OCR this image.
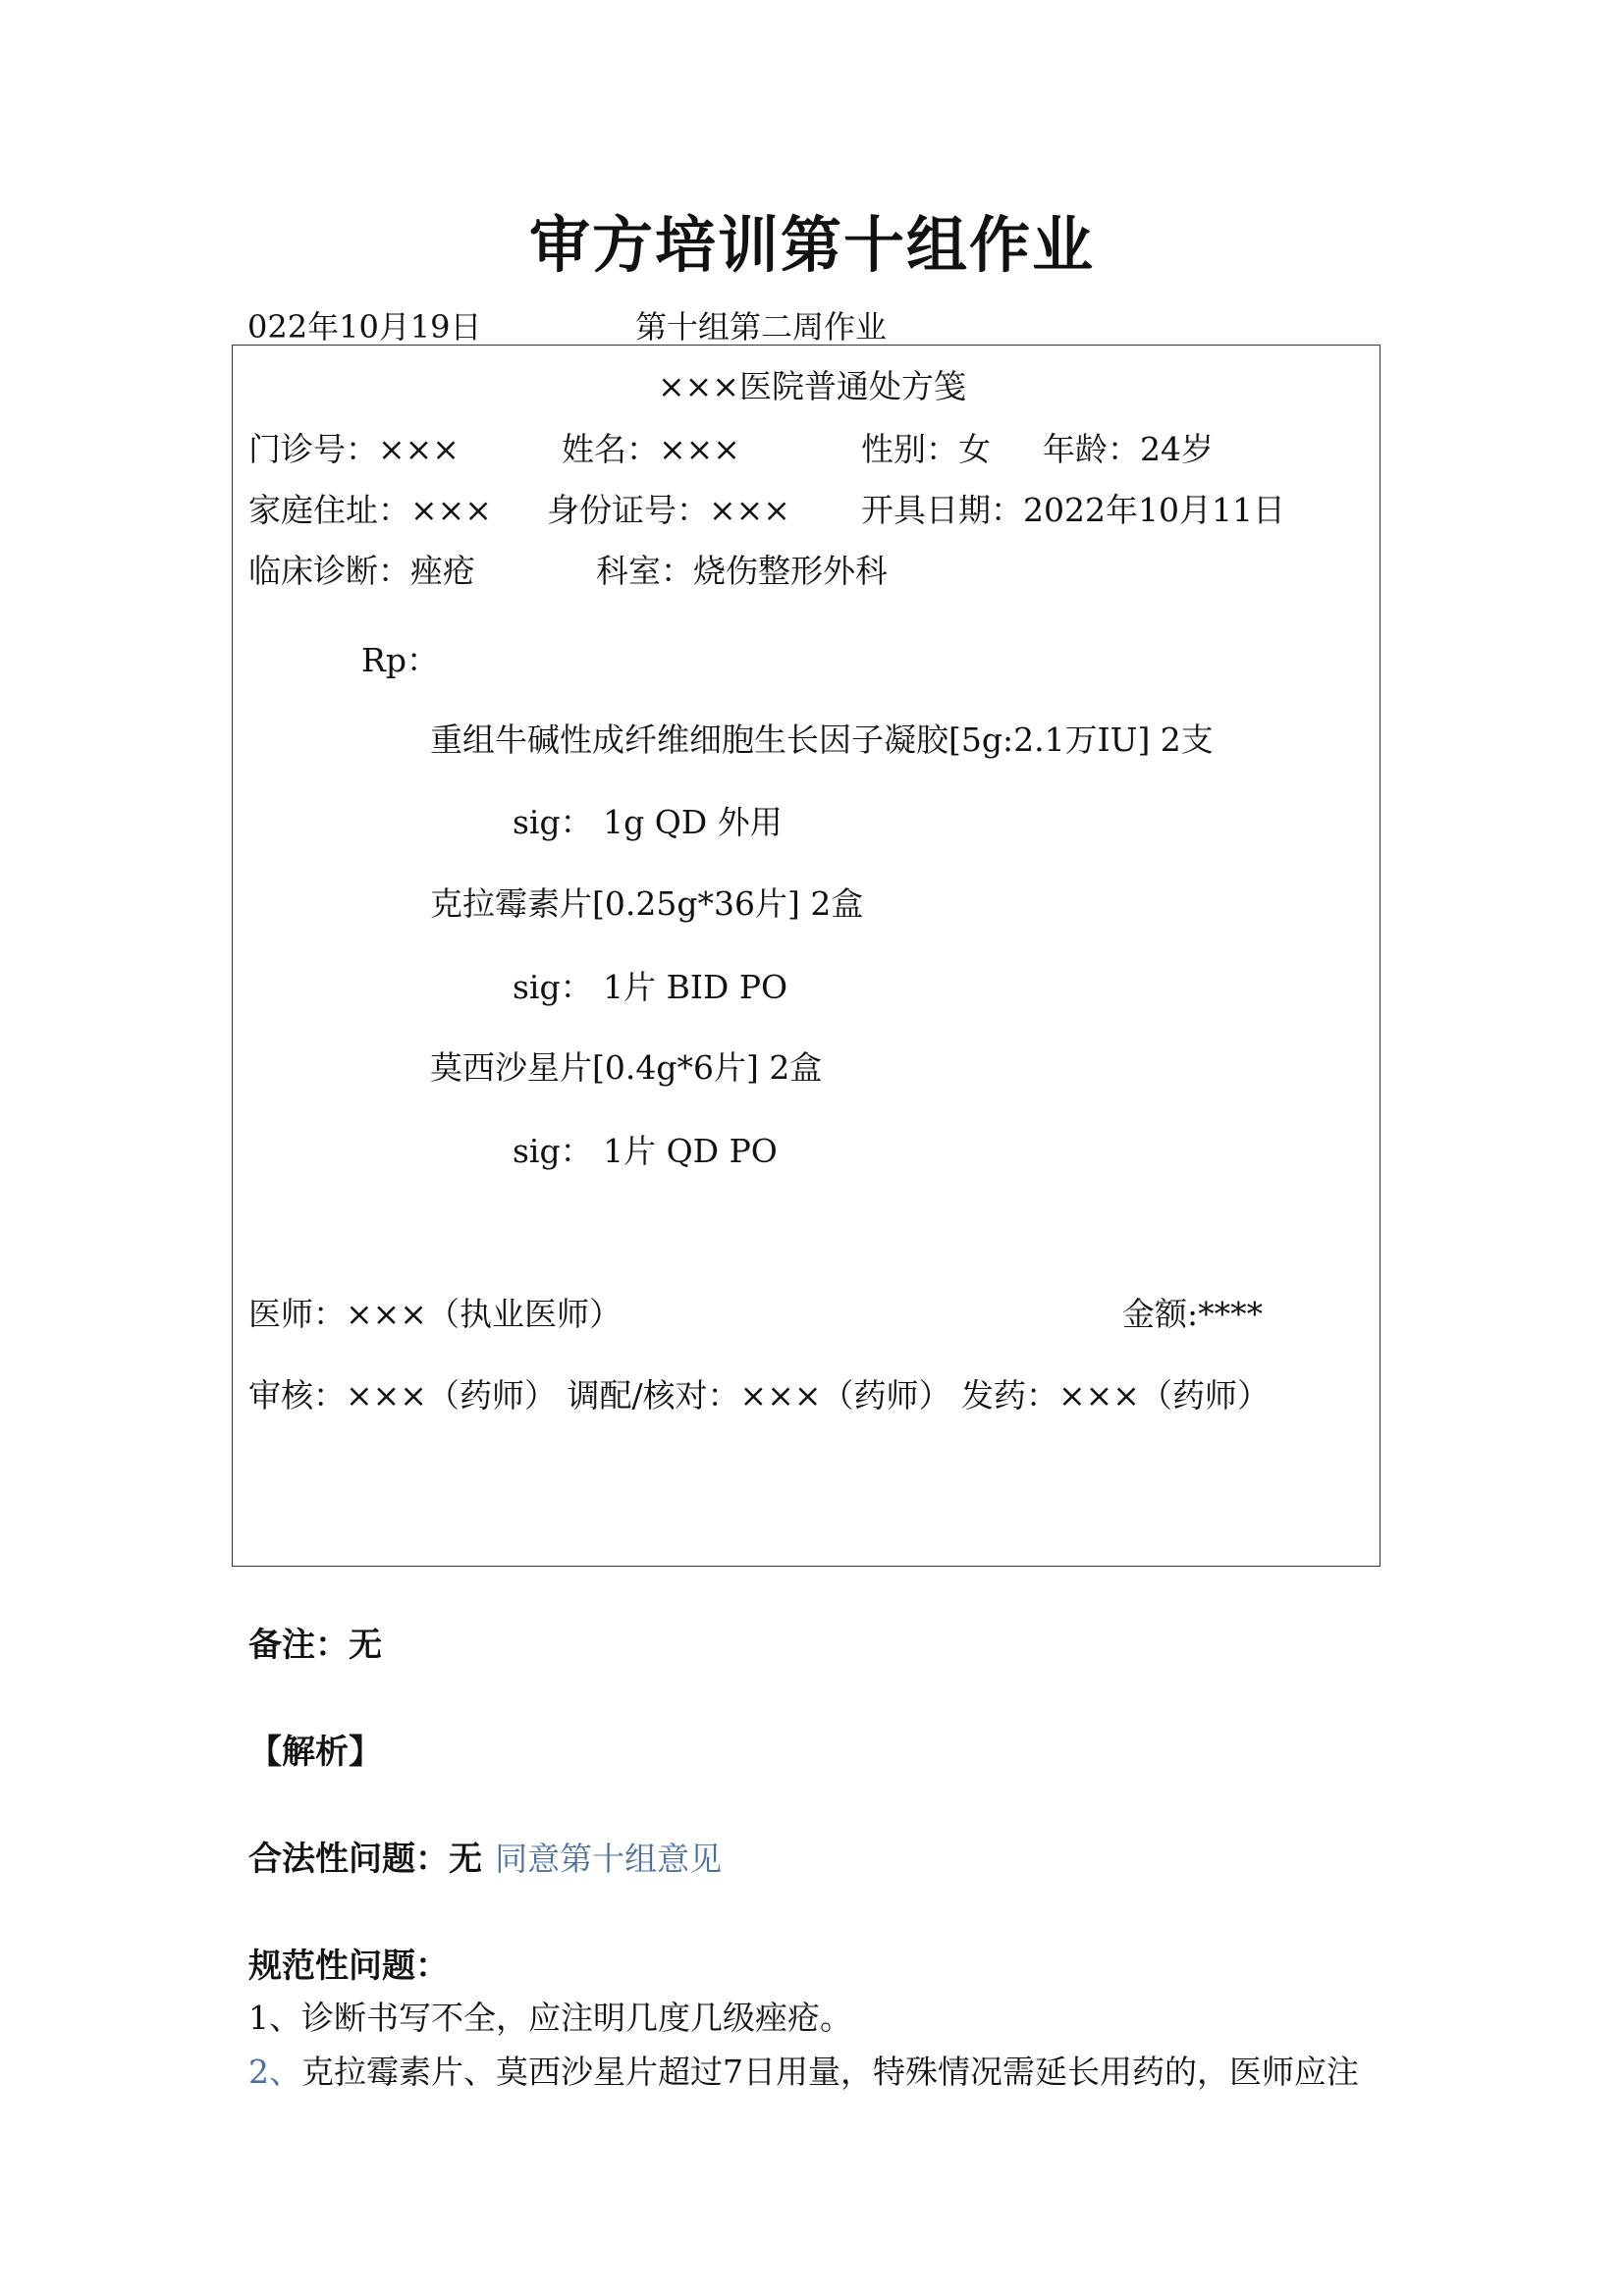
审方培训第十组作业
022年10月19日	第十组第二周作业
×××医院普通处方笺
门诊号：×××	姓名：×××	性别：女 年龄：24岁
家庭住址：××× 身份证号：××× 开具日期：2022年10月11日
临床诊断：痤疮	科室：烧伤整形外科
Rp：
重组牛碱性成纤维细胞生长因子凝胶[5g:2.1万IU] 2支
sig： 1g QD 外用
克拉霉素片[0.25g*36片] 2盒
sig： 1片 BID PO
莫西沙星片[0.4g*6片] 2盒
sig： 1片 QD PO
医师：×××（执业医师）	金额:****
审核：×××（药师） 调配/核对：×××（药师） 发药：×××（药师）
备注：无
【解析】
合法性问题：无 同意第十组意见
规范性问题：
1、诊断书写不全，应注明几度几级痤疮。
2、克拉霉素片、莫西沙星片超过7日用量，特殊情况需延长用药的，医师应注
